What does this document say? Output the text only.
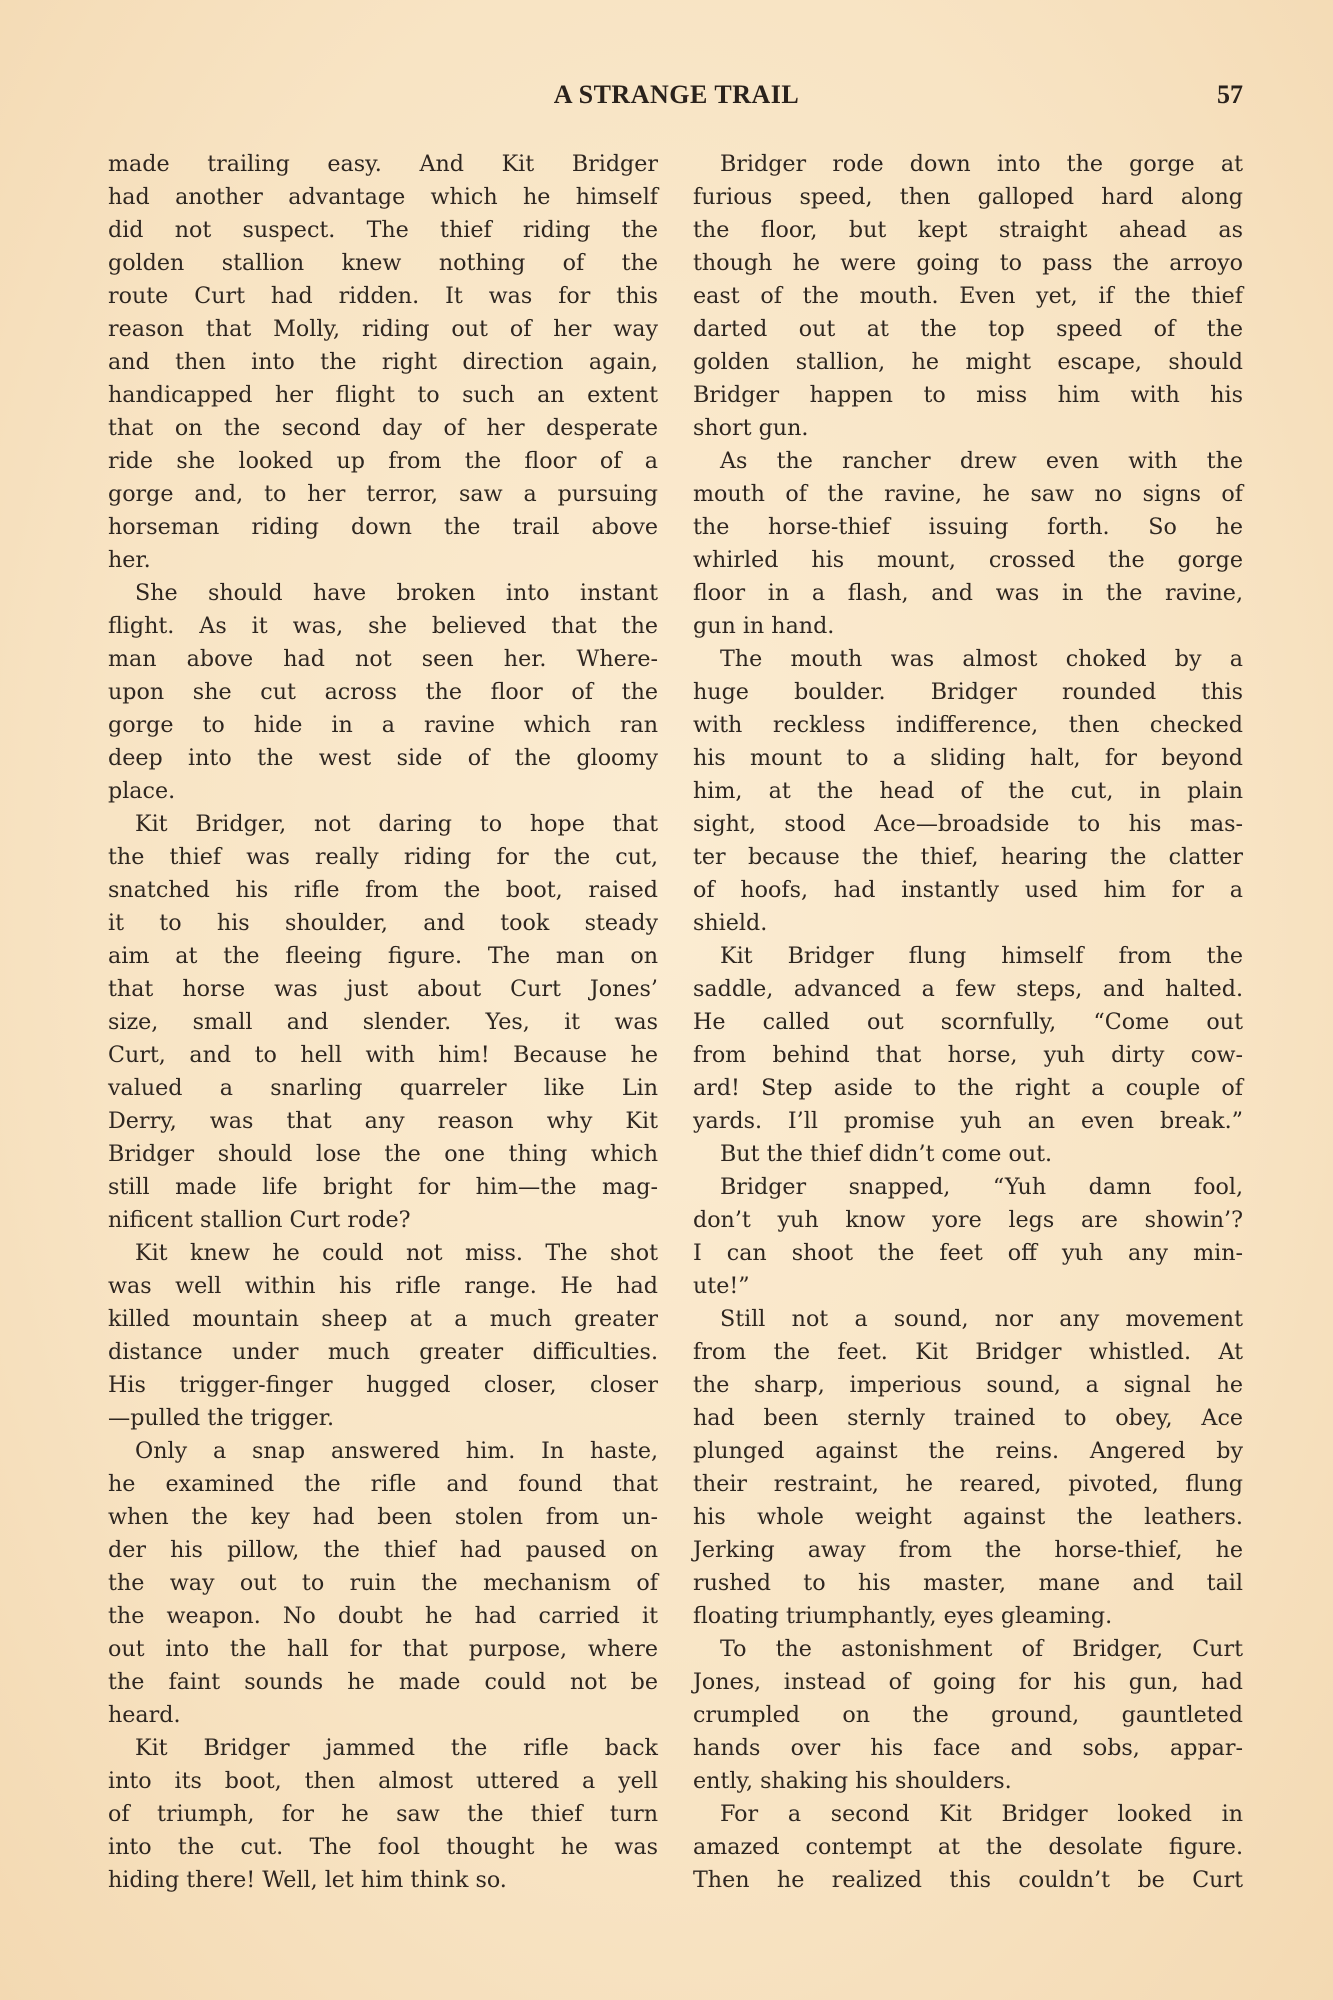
A STRANGE TRAIL	57
made trailing easy. And Kit Bridger
had another advantage which he himself
did not suspect. The thief riding the
golden stallion knew nothing of the
route Curt had ridden. It was for this
reason that Molly, riding out of her way
and then into the right direction again,
handicapped her flight to such an extent
that on the second day of her desperate
ride she looked up from the floor of a
gorge and, to her terror, saw a pursuing
horseman riding down the trail above
her.
She should have broken into instant
flight. As it was, she believed that the
man above had not seen her. Where-
upon she cut across the floor of the
gorge to hide in a ravine which ran
deep into the west side of the gloomy
place.
Kit Bridger, not daring to hope that
the thief was really riding for the cut,
snatched his rifle from the boot, raised
it to his shoulder, and took steady
aim at the fleeing figure. The man on
that horse was just about Curt Jones’
size, small and slender. Yes, it was
Curt, and to hell with him! Because he
valued a snarling quarreler like Lin
Derry, was that any reason why Kit
Bridger should lose the one thing which
still made life bright for him—the mag-
nificent stallion Curt rode?
Kit knew he could not miss. The shot
was well within his rifle range. He had
killed mountain sheep at a much greater
distance under much greater difficulties.
His trigger-finger hugged closer, closer
—pulled the trigger.
Only a snap answered him. In haste,
he examined the rifle and found that
when the key had been stolen from un-
der his pillow, the thief had paused on
the way out to ruin the mechanism of
the weapon. No doubt he had carried it
out into the hall for that purpose, where
the faint sounds he made could not be
heard.
Kit Bridger jammed the rifle back
into its boot, then almost uttered a yell
of triumph, for he saw the thief turn
into the cut. The fool thought he was
hiding there! Well, let him think so.
Bridger rode down into the gorge at
furious speed, then galloped hard along
the floor, but kept straight ahead as
though he were going to pass the arroyo
east of the mouth. Even yet, if the thief
darted out at the top speed of the
golden stallion, he might escape, should
Bridger happen to miss him with his
short gun.
As the rancher drew even with the
mouth of the ravine, he saw no signs of
the horse-thief issuing forth. So he
whirled his mount, crossed the gorge
floor in a flash, and was in the ravine,
gun in hand.
The mouth was almost choked by a
huge boulder. Bridger rounded this
with reckless indifference, then checked
his mount to a sliding halt, for beyond
him, at the head of the cut, in plain
sight, stood Ace—broadside to his mas-
ter because the thief, hearing the clatter
of hoofs, had instantly used him for a
shield.
Kit Bridger flung himself from the
saddle, advanced a few steps, and halted.
He called out scornfully, “Come out
from behind that horse, yuh dirty cow-
ard! Step aside to the right a couple of
yards. I’ll promise yuh an even break.”
But the thief didn’t come out.
Bridger snapped, “Yuh damn fool,
don’t yuh know yore legs are showin’?
I can shoot the feet off yuh any min-
ute!”
Still not a sound, nor any movement
from the feet. Kit Bridger whistled. At
the sharp, imperious sound, a signal he
had been sternly trained to obey, Ace
plunged against the reins. Angered by
their restraint, he reared, pivoted, flung
his whole weight against the leathers.
Jerking away from the horse-thief, he
rushed to his master, mane and tail
floating triumphantly, eyes gleaming.
To the astonishment of Bridger, Curt
Jones, instead of going for his gun, had
crumpled on the ground, gauntleted
hands over his face and sobs, appar-
ently, shaking his shoulders.
For a second Kit Bridger looked in
amazed contempt at the desolate figure.
Then he realized this couldn’t be Curt
